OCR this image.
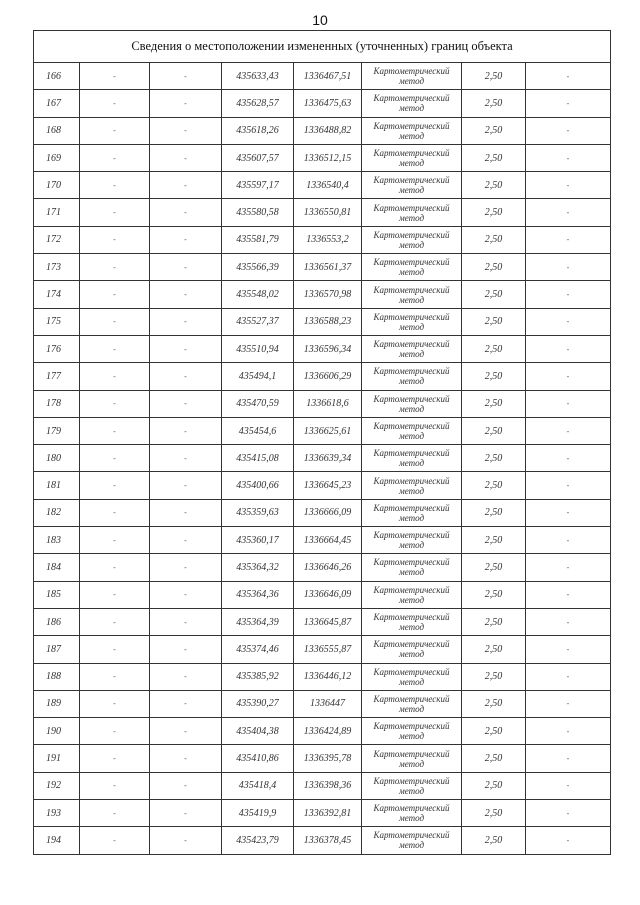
10
Сведения о местоположении измененных (уточненных) границ объекта							
166	-	-	435633,43	1336467,51	Картометрический
метод	2,50	-
167	-	-	435628,57	1336475,63	Картометрический
метод	2,50	-
168	-	-	435618,26	1336488,82	Картометрический
метод	2,50	-
169	-	-	435607,57	1336512,15	Картометрический
метод	2,50	-
170	-	-	435597,17	1336540,4	Картометрический
метод	2,50	-
171	-	-	435580,58	1336550,81	Картометрический
метод	2,50	-
172	-	-	435581,79	1336553,2	Картометрический
метод	2,50	-
173	-	-	435566,39	1336561,37	Картометрический
метод	2,50	-
174	-	-	435548,02	1336570,98	Картометрический
метод	2,50	-
175	-	-	435527,37	1336588,23	Картометрический
метод	2,50	-
176	-	-	435510,94	1336596,34	Картометрический
метод	2,50	-
177	-	-	435494,1	1336606,29	Картометрический
метод	2,50	-
178	-	-	435470,59	1336618,6	Картометрический
метод	2,50	-
179	-	-	435454,6	1336625,61	Картометрический
метод	2,50	-
180	-	-	435415,08	1336639,34	Картометрический
метод	2,50	-
181	-	-	435400,66	1336645,23	Картометрический
метод	2,50	-
182	-	-	435359,63	1336666,09	Картометрический
метод	2,50	-
183	-	-	435360,17	1336664,45	Картометрический
метод	2,50	-
184	-	-	435364,32	1336646,26	Картометрический
метод	2,50	-
185	-	-	435364,36	1336646,09	Картометрический
метод	2,50	-
186	-	-	435364,39	1336645,87	Картометрический
метод	2,50	-
187	-	-	435374,46	1336555,87	Картометрический
метод	2,50	-
188	-	-	435385,92	1336446,12	Картометрический
метод	2,50	-
189	-	-	435390,27	1336447	Картометрический
метод	2,50	-
190	-	-	435404,38	1336424,89	Картометрический
метод	2,50	-
191	-	-	435410,86	1336395,78	Картометрический
метод	2,50	-
192	-	-	435418,4	1336398,36	Картометрический
метод	2,50	-
193	-	-	435419,9	1336392,81	Картометрический
метод	2,50	-
194	-	-	435423,79	1336378,45	Картометрический
метод	2,50	-
